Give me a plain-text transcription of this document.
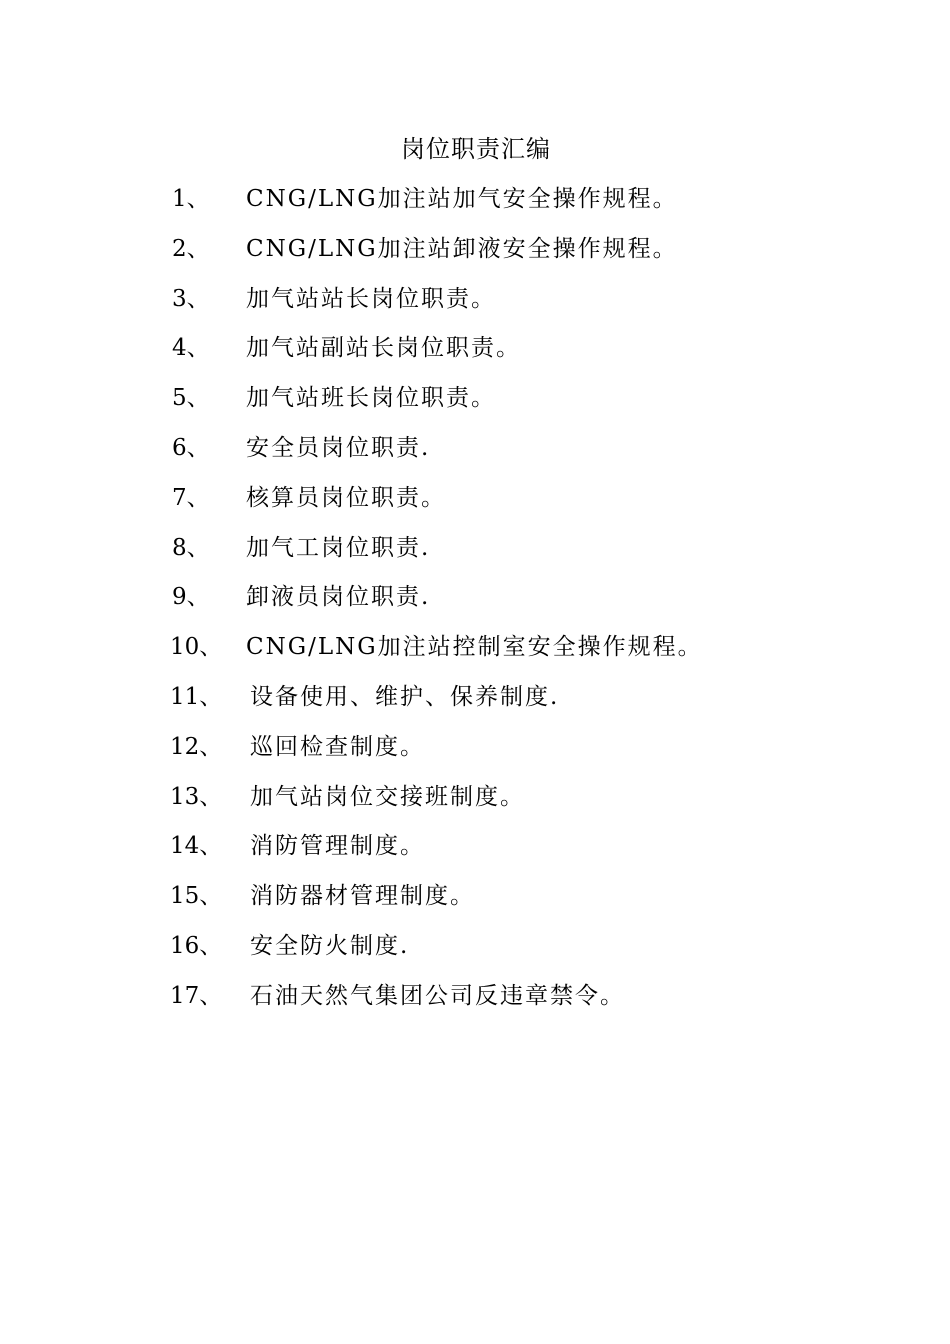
岗位职责汇编
1、 CNG/LNG加注站加气安全操作规程。
2、 CNG/LNG加注站卸液安全操作规程。
3、 加气站站长岗位职责。
4、 加气站副站长岗位职责。
5、 加气站班长岗位职责。
6、 安全员岗位职责.
7、 核算员岗位职责。
8、 加气工岗位职责.
9、 卸液员岗位职责.
10、 CNG/LNG加注站控制室安全操作规程。
11、 设备使用、维护、保养制度.
12、 巡回检查制度。
13、 加气站岗位交接班制度。
14、 消防管理制度。
15、 消防器材管理制度。
16、 安全防火制度.
17、 石油天然气集团公司反违章禁令。
